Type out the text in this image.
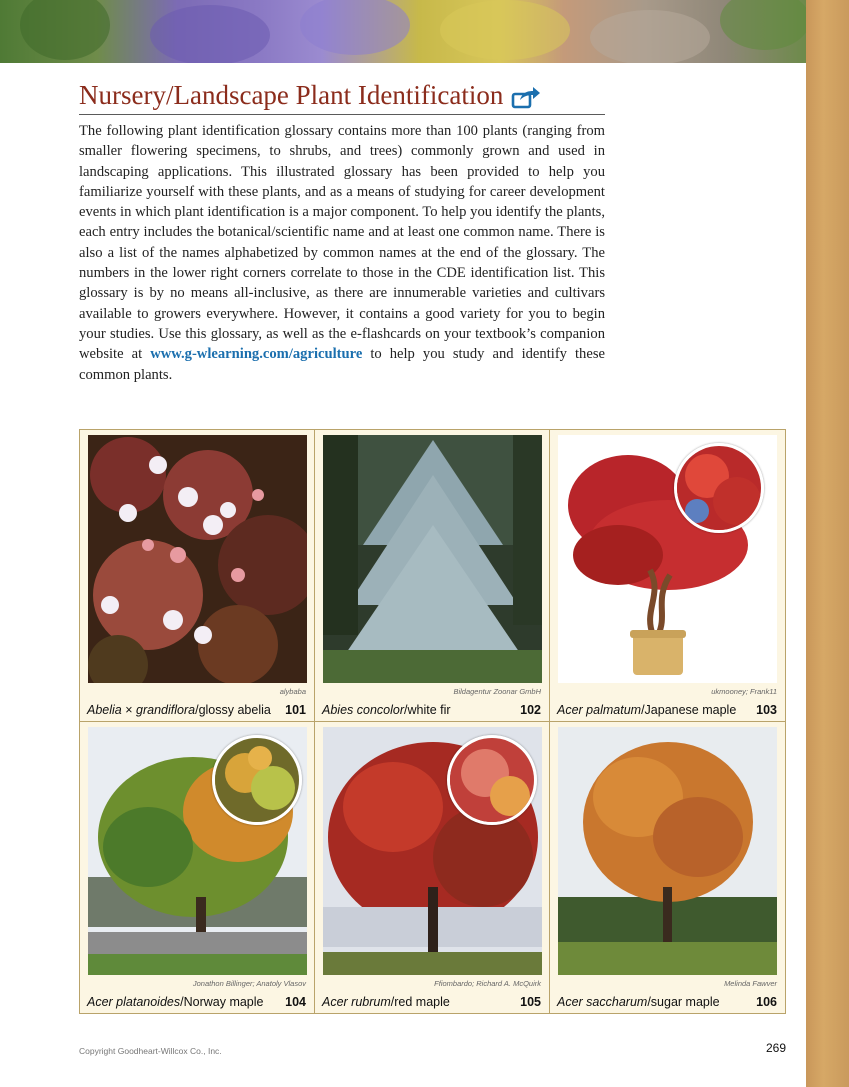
Nursery/Landscape Plant Identification

The following plant identification glossary contains more than 100 plants (ranging from smaller flowering specimens, to shrubs, and trees) commonly grown and used in landscaping applications. This illustrated glossary has been provided to help you familiarize yourself with these plants, and as a means of studying for career development events in which plant identification is a major component. To help you identify the plants, each entry includes the botanical/scientific name and at least one common name. There is also a list of the names alphabetized by common names at the end of the glossary. The numbers in the lower right corners correlate to those in the CDE identification list. This glossary is by no means all-inclusive, as there are innumerable varieties and cultivars available to growers everywhere. However, it contains a good variety for you to begin your studies. Use this glossary, as well as the e-flashcards on your textbook’s companion website at www.g-wlearning.com/agriculture to help you study and identify these common plants.

alybaba
Abelia × grandiflora/glossy abelia 101
Bildagentur Zoonar GmbH
Abies concolor/white fir	102
ukmooney; Frank11
Acer palmatum/Japanese maple 103
Jonathon Billinger; Anatoly Vlasov
Acer platanoides/Norway maple 104
Ffiombardo; Richard A. McQuirk
Acer rubrum/red maple	105
Melinda Fawver
Acer saccharum/sugar maple	106
Copyright Goodheart-Willcox Co., Inc.	269
